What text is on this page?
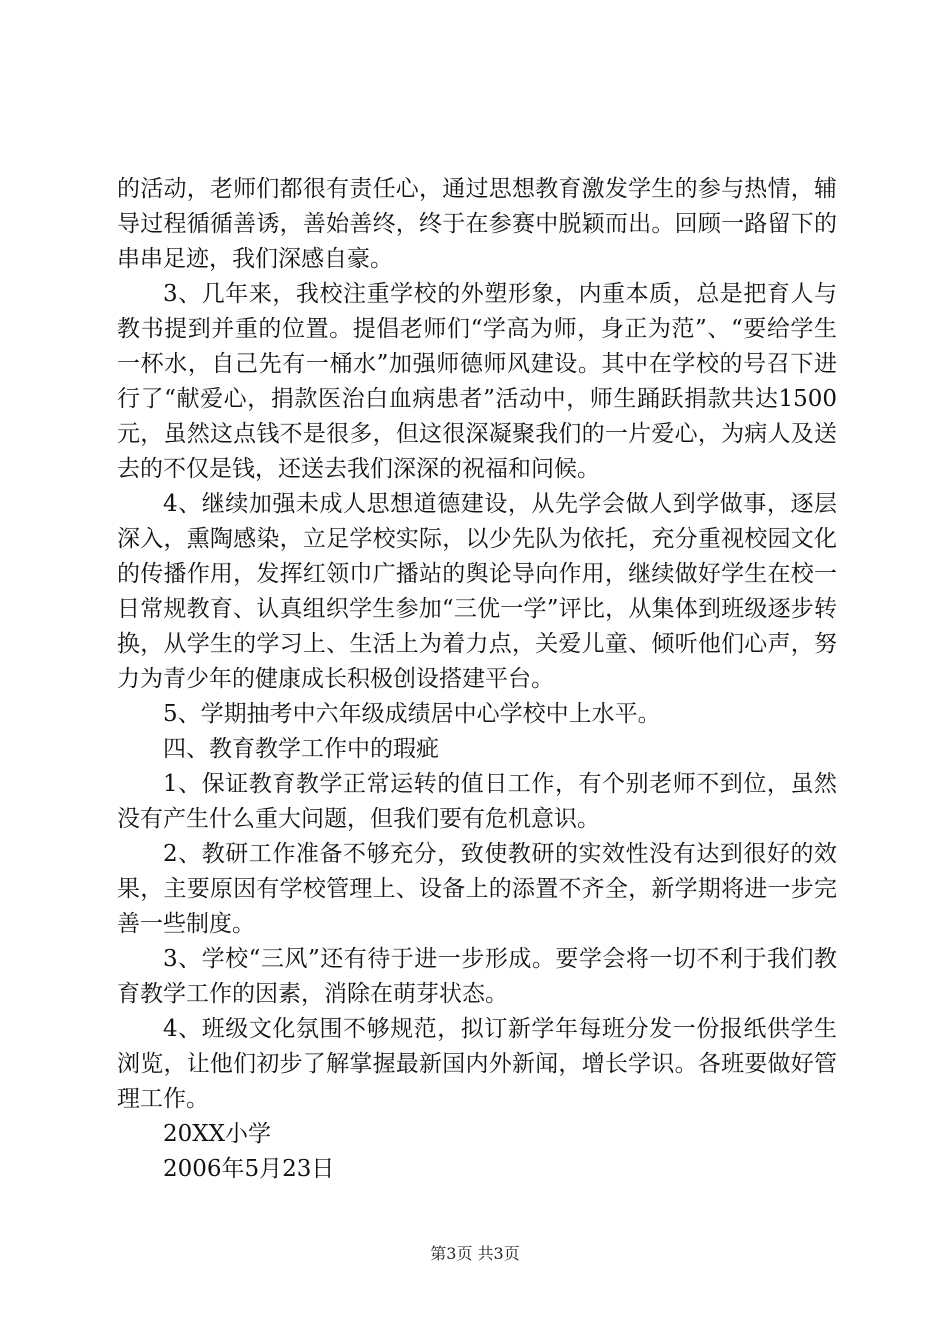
的活动，老师们都很有责任心，通过思想教育激发学生的参与热情，辅导过程循循善诱，善始善终，终于在参赛中脱颖而出。回顾一路留下的串串足迹，我们深感自豪。

3、几年来，我校注重学校的外塑形象，内重本质，总是把育人与教书提到并重的位置。提倡老师们“学高为师，身正为范”、“要给学生一杯水，自己先有一桶水”加强师德师风建设。其中在学校的号召下进行了“献爱心，捐款医治白血病患者”活动中，师生踊跃捐款共达1500元，虽然这点钱不是很多，但这很深凝聚我们的一片爱心，为病人及送去的不仅是钱，还送去我们深深的祝福和问候。

4、继续加强未成人思想道德建设，从先学会做人到学做事，逐层深入，熏陶感染，立足学校实际，以少先队为依托，充分重视校园文化的传播作用，发挥红领巾广播站的舆论导向作用，继续做好学生在校一日常规教育、认真组织学生参加“三优一学”评比，从集体到班级逐步转换，从学生的学习上、生活上为着力点，关爱儿童、倾听他们心声，努力为青少年的健康成长积极创设搭建平台。

5、学期抽考中六年级成绩居中心学校中上水平。

四、教育教学工作中的瑕疵

1、保证教育教学正常运转的值日工作，有个别老师不到位，虽然没有产生什么重大问题，但我们要有危机意识。

2、教研工作准备不够充分，致使教研的实效性没有达到很好的效果，主要原因有学校管理上、设备上的添置不齐全，新学期将进一步完善一些制度。

3、学校“三风”还有待于进一步形成。要学会将一切不利于我们教育教学工作的因素，消除在萌芽状态。

4、班级文化氛围不够规范，拟订新学年每班分发一份报纸供学生浏览，让他们初步了解掌握最新国内外新闻，增长学识。各班要做好管理工作。

20XX小学

2006年5月23日

第3页 共3页
